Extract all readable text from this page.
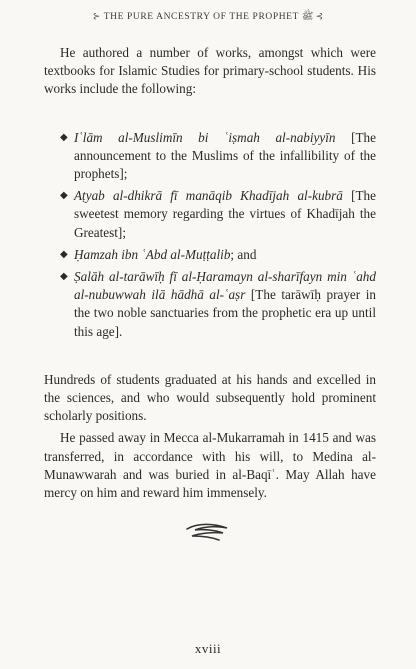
⊱ THE PURE ANCESTRY OF THE PROPHET ﷺ ⊰

He authored a number of works, amongst which were textbooks for Islamic Studies for primary-school students. His works include the following:

◆ Iʿlām al-Muslimīn bi ʿiṣmah al-nabiyyīn [The announcement to the Muslims of the infallibility of the prophets];
◆ Aṭyab al-dhikrā fī manāqib Khadījah al-kubrā [The sweetest memory regarding the virtues of Khadījah the Greatest];
◆ Ḥamzah ibn ʿAbd al-Muṭṭalib; and
◆ Ṣalāh al-tarāwīḥ fī al-Ḥaramayn al-sharīfayn min ʿahd al-nubuwwah ilā hādhā al-ʿaṣr [The tarāwīḥ prayer in the two noble sanctuaries from the prophetic era up until this age].

Hundreds of students graduated at his hands and excelled in the sciences, and who would subsequently hold prominent scholarly positions.

He passed away in Mecca al-Mukarramah in 1415 and was transferred, in accordance with his will, to Medina al-Munawwarah and was buried in al-Baqīʿ. May Allah have mercy on him and reward him immensely.

xviii
